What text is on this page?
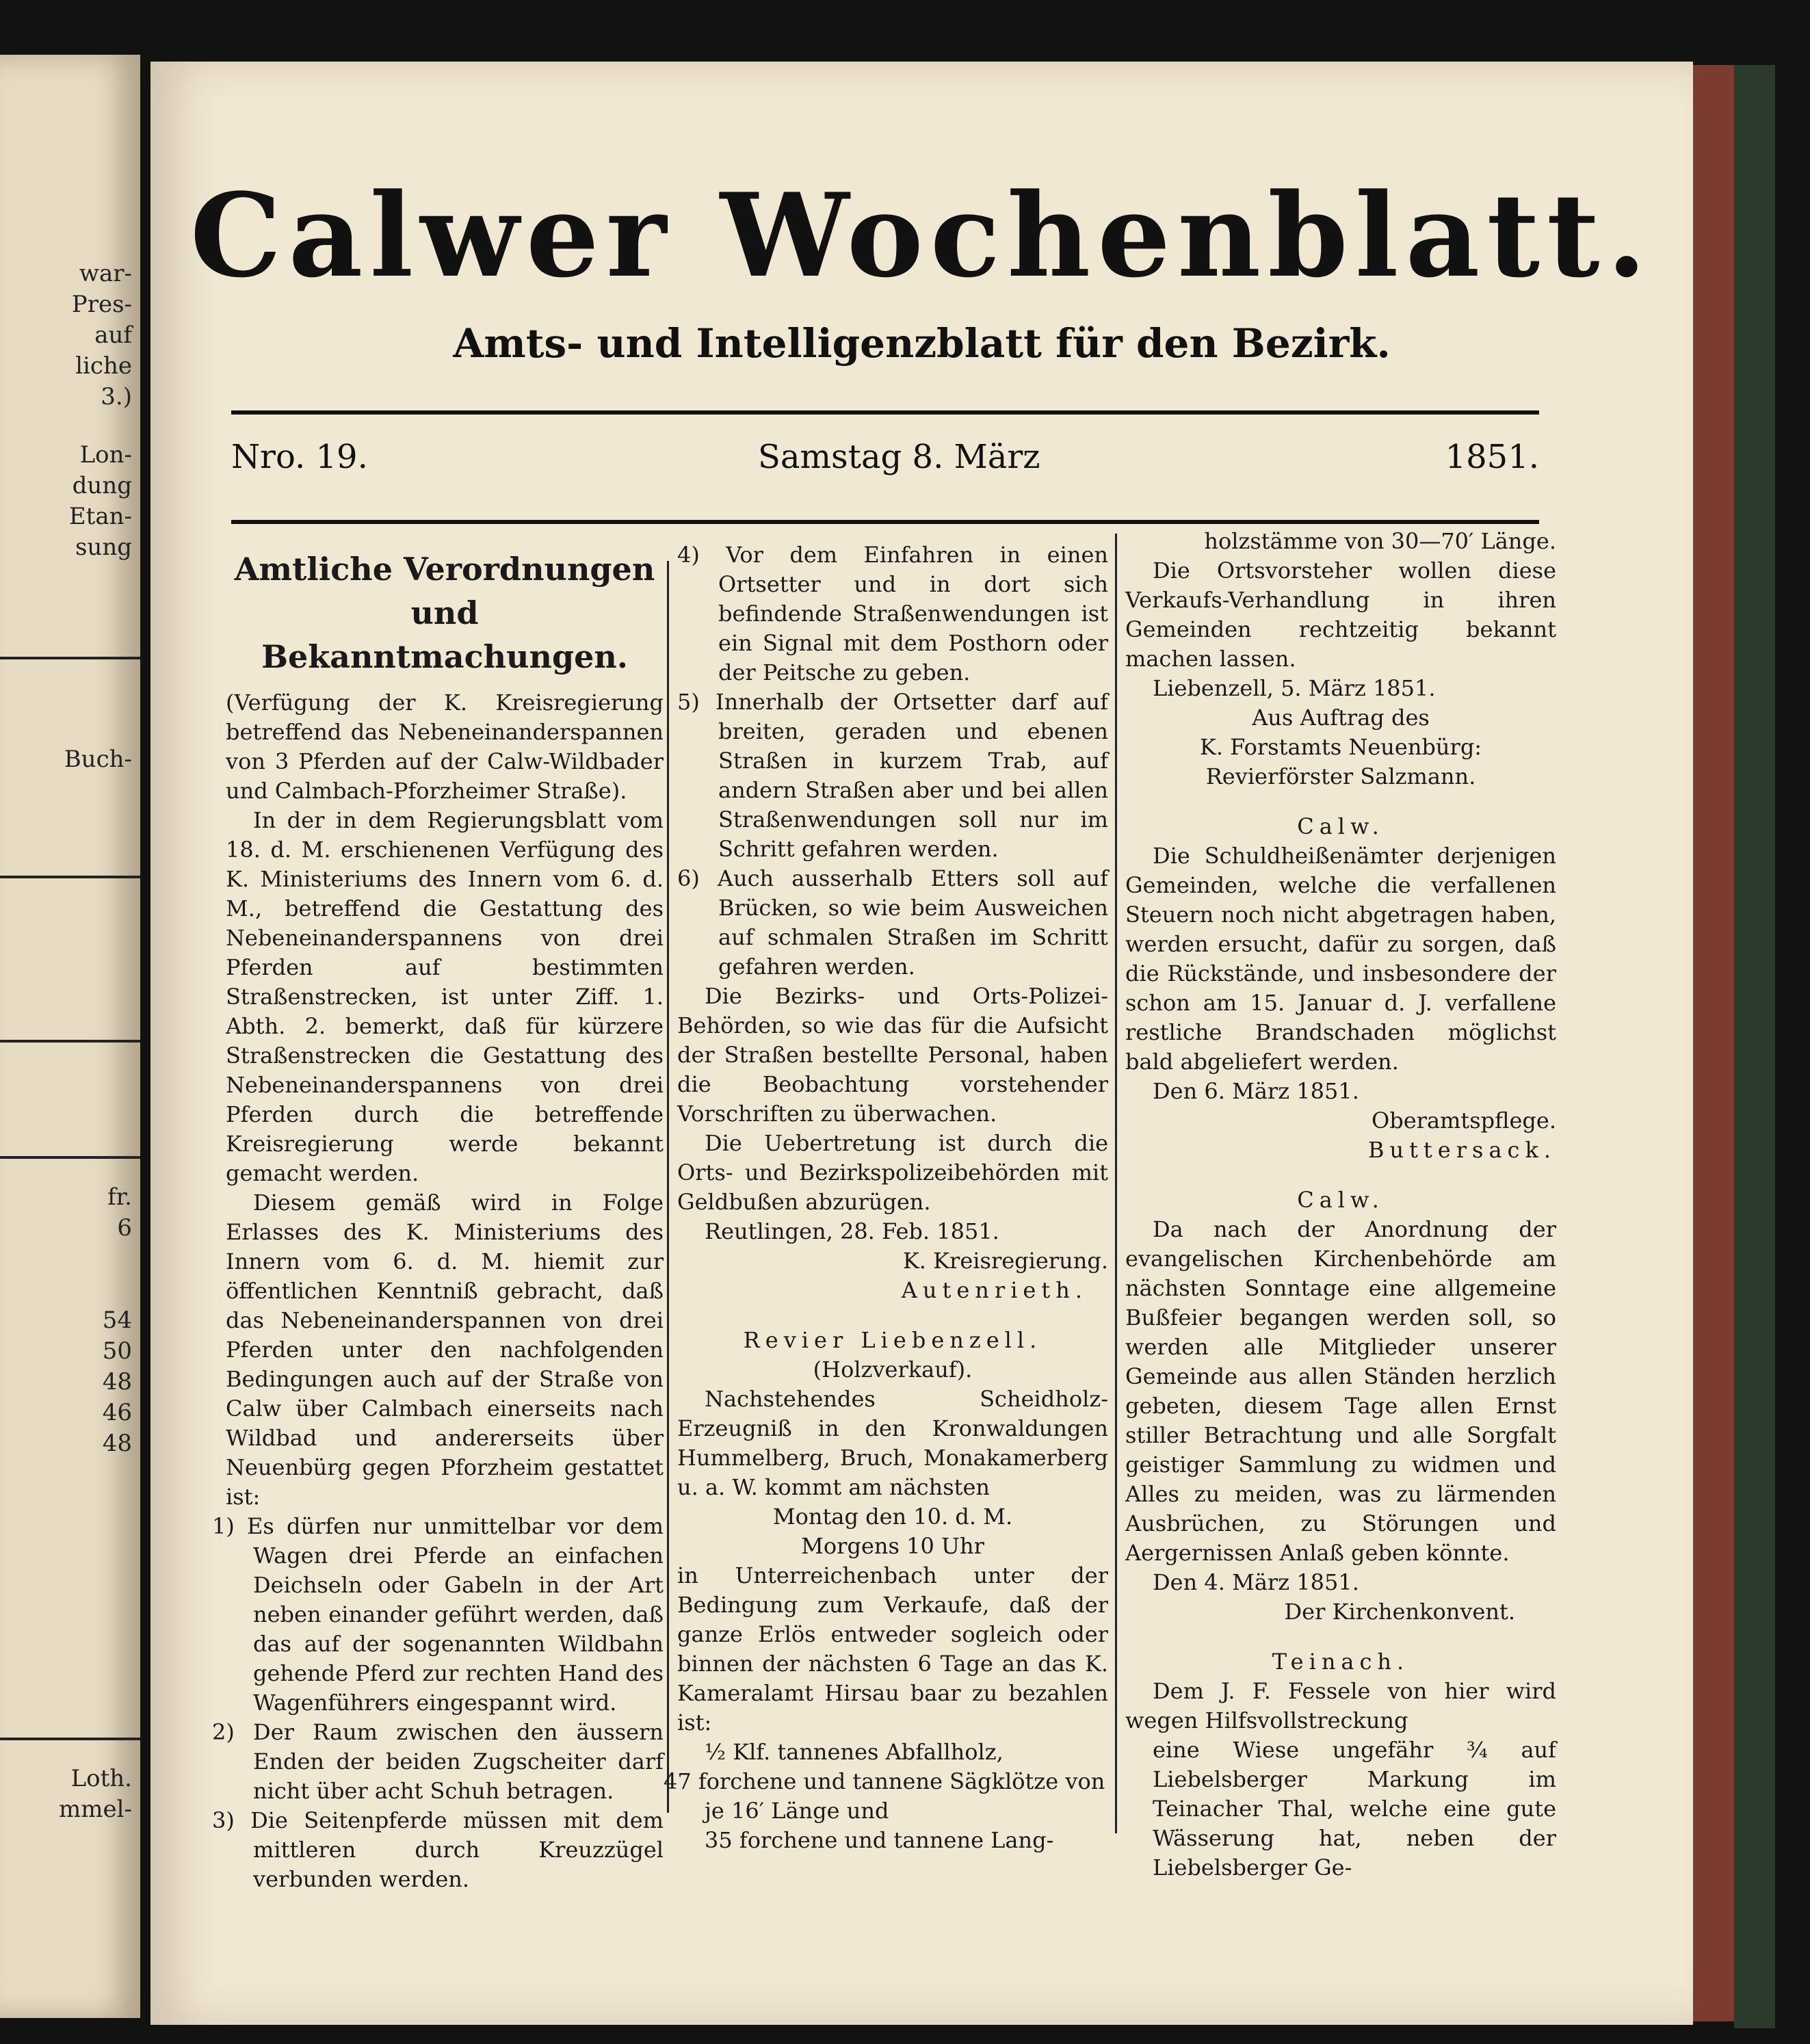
war-
Pres-
auf
liche
3.)
Lon-
dung
Etan-
sung
Buch-
fr.
6
54
50
48
46
48
Loth.
mmel-
Calwer Wochenblatt.
Amts- und Intelligenzblatt für den Bezirk.
Nro. 19.	Samstag 8. März	1851.
Amtliche Verordnungen und Bekanntmachungen.

(Verfügung der K. Kreisregierung betreffend das Nebeneinanderspannen von 3 Pferden auf der Calw-Wildbader und Calmbach-Pforzheimer Straße).

In der in dem Regierungsblatt vom 18. d. M. erschienenen Verfügung des K. Ministeriums des Innern vom 6. d. M., betreffend die Gestattung des Nebeneinanderspannens von drei Pferden auf bestimmten Straßenstrecken, ist unter Ziff. 1. Abth. 2. bemerkt, daß für kürzere Straßenstrecken die Gestattung des Nebeneinanderspannens von drei Pferden durch die betreffende Kreisregierung werde bekannt gemacht werden.

Diesem gemäß wird in Folge Erlasses des K. Ministeriums des Innern vom 6. d. M. hiemit zur öffentlichen Kenntniß gebracht, daß das Nebeneinanderspannen von drei Pferden unter den nachfolgenden Bedingungen auch auf der Straße von Calw über Calmbach einerseits nach Wildbad und andererseits über Neuenbürg gegen Pforzheim gestattet ist:

1) Es dürfen nur unmittelbar vor dem Wagen drei Pferde an einfachen Deichseln oder Gabeln in der Art neben einander geführt werden, daß das auf der sogenannten Wildbahn gehende Pferd zur rechten Hand des Wagenführers eingespannt wird.

2) Der Raum zwischen den äussern Enden der beiden Zugscheiter darf nicht über acht Schuh betragen.

3) Die Seitenpferde müssen mit dem mittleren durch Kreuzzügel verbunden werden.

4) Vor dem Einfahren in einen Ortsetter und in dort sich befindende Straßenwendungen ist ein Signal mit dem Posthorn oder der Peitsche zu geben.

5) Innerhalb der Ortsetter darf auf breiten, geraden und ebenen Straßen in kurzem Trab, auf andern Straßen aber und bei allen Straßenwendungen soll nur im Schritt gefahren werden.

6) Auch ausserhalb Etters soll auf Brücken, so wie beim Ausweichen auf schmalen Straßen im Schritt gefahren werden.

Die Bezirks- und Orts-Polizei-Behörden, so wie das für die Aufsicht der Straßen bestellte Personal, haben die Beobachtung vorstehender Vorschriften zu überwachen.

Die Uebertretung ist durch die Orts- und Bezirkspolizeibehörden mit Geldbußen abzurügen.

Reutlingen, 28. Feb. 1851.

K. Kreisregierung.

Autenrieth.

Revier Liebenzell.

(Holzverkauf).

Nachstehendes Scheidholz-Erzeugniß in den Kronwaldungen Hummelberg, Bruch, Monakamerberg u. a. W. kommt am nächsten

Montag den 10. d. M.

Morgens 10 Uhr

in Unterreichenbach unter der Bedingung zum Verkaufe, daß der ganze Erlös entweder sogleich oder binnen der nächsten 6 Tage an das K. Kameralamt Hirsau baar zu bezahlen ist:

½ Klf. tannenes Abfallholz,

47 forchene und tannene Sägklötze von je 16′ Länge und

35 forchene und tannene Lang-

holzstämme von 30—70′ Länge.

Die Ortsvorsteher wollen diese Verkaufs-Verhandlung in ihren Gemeinden rechtzeitig bekannt machen lassen.

Liebenzell, 5. März 1851.

Aus Auftrag des

K. Forstamts Neuenbürg:

Revierförster Salzmann.

Calw.

Die Schuldheißenämter derjenigen Gemeinden, welche die verfallenen Steuern noch nicht abgetragen haben, werden ersucht, dafür zu sorgen, daß die Rückstände, und insbesondere der schon am 15. Januar d. J. verfallene restliche Brandschaden möglichst bald abgeliefert werden.

Den 6. März 1851.

Oberamtspflege.

Buttersack.

Calw.

Da nach der Anordnung der evangelischen Kirchenbehörde am nächsten Sonntage eine allgemeine Bußfeier begangen werden soll, so werden alle Mitglieder unserer Gemeinde aus allen Ständen herzlich gebeten, diesem Tage allen Ernst stiller Betrachtung und alle Sorgfalt geistiger Sammlung zu widmen und Alles zu meiden, was zu lärmenden Ausbrüchen, zu Störungen und Aergernissen Anlaß geben könnte.

Den 4. März 1851.

Der Kirchenkonvent.

Teinach.

Dem J. F. Fessele von hier wird wegen Hilfsvollstreckung

eine Wiese ungefähr ¾ auf Liebelsberger Markung im Teinacher Thal, welche eine gute Wässerung hat, neben der Liebelsberger Ge-
